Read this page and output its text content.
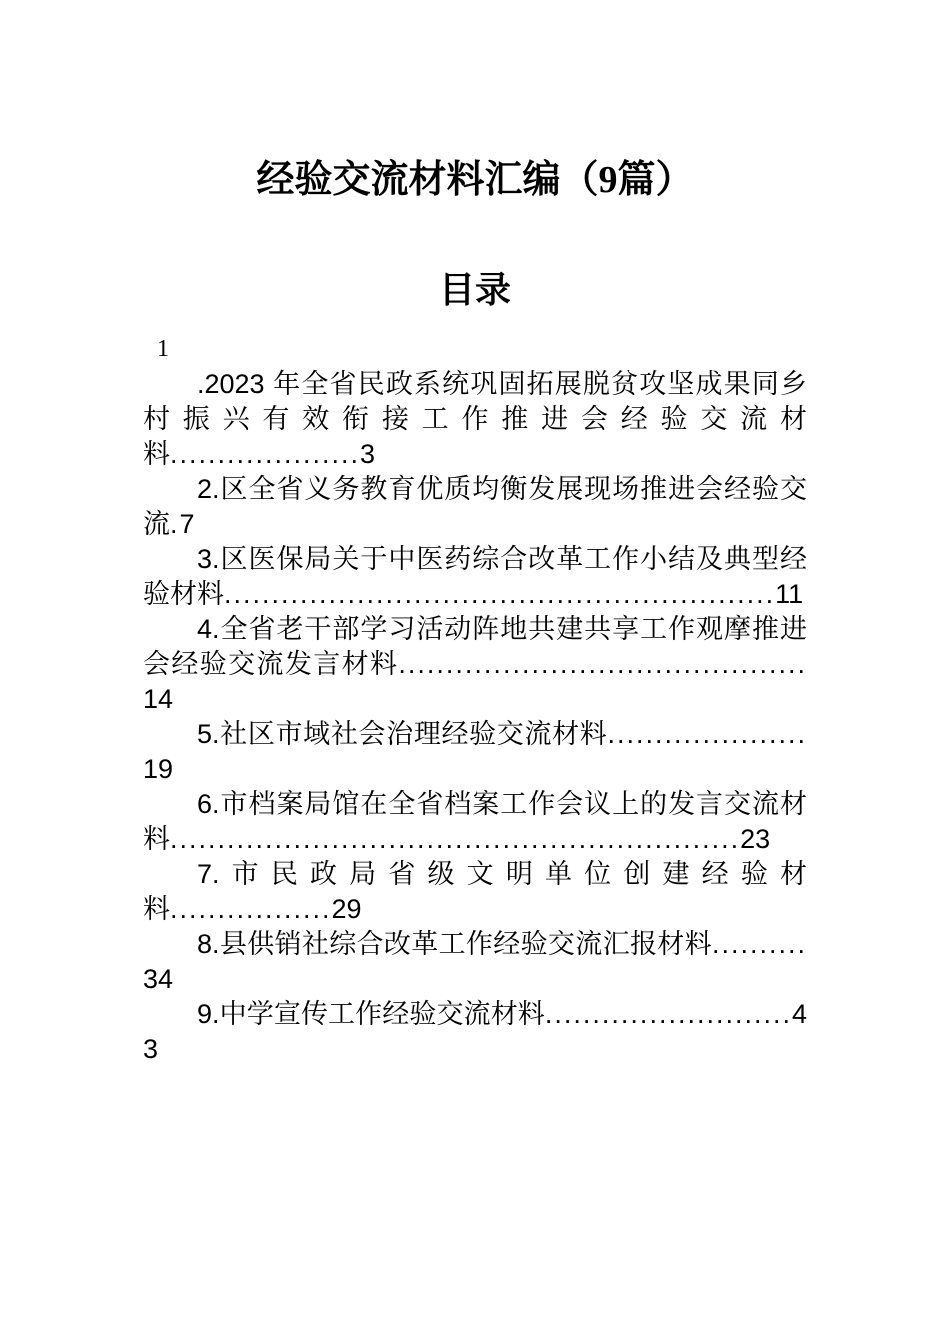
经验交流材料汇编（9篇）
目录

1

.2023 年全省民政系统巩固拓展脱贫攻坚成果同乡村振兴有效衔接工作推进会经验交流材料....................3

2.区全省义务教育优质均衡发展现场推进会经验交流.7

3.区医保局关于中医药综合改革工作小结及典型经验材料..........................................................11

4.全省老干部学习活动阵地共建共享工作观摩推进会经验交流发言材料...........................................14

5.社区市域社会治理经验交流材料.....................19

6.市档案局馆在全省档案工作会议上的发言交流材料............................................................23

7.市民政局省级文明单位创建经验材料.................29

8.县供销社综合改革工作经验交流汇报材料..........34

9.中学宣传工作经验交流材料..........................43
